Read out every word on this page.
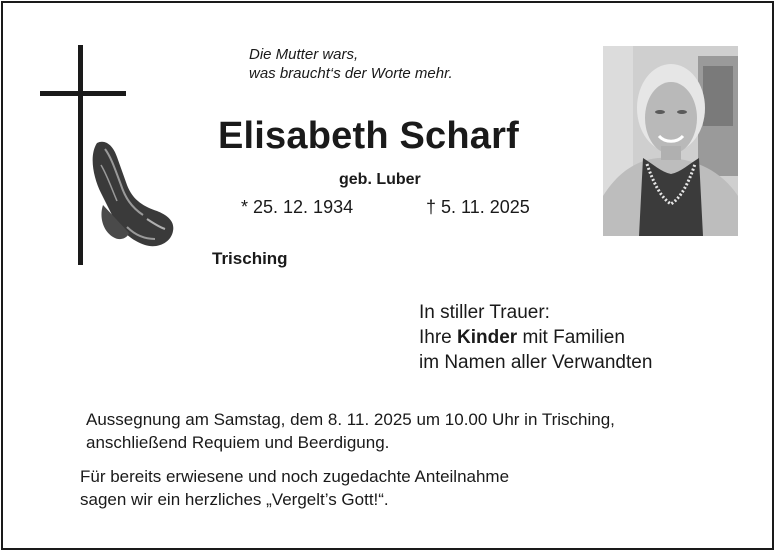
Die Mutter wars,
was braucht‘s der Worte mehr.
Elisabeth Scharf
geb. Luber
* 25. 12. 1934	† 5. 11. 2025
Trisching
In stiller Trauer:
Ihre Kinder mit Familien
im Namen aller Verwandten
Aussegnung am Samstag, dem 8. 11. 2025 um 10.00 Uhr in Trisching,
anschließend Requiem und Beerdigung.
Für bereits erwiesene und noch zugedachte Anteilnahme
sagen wir ein herzliches „Vergelt’s Gott!“.
